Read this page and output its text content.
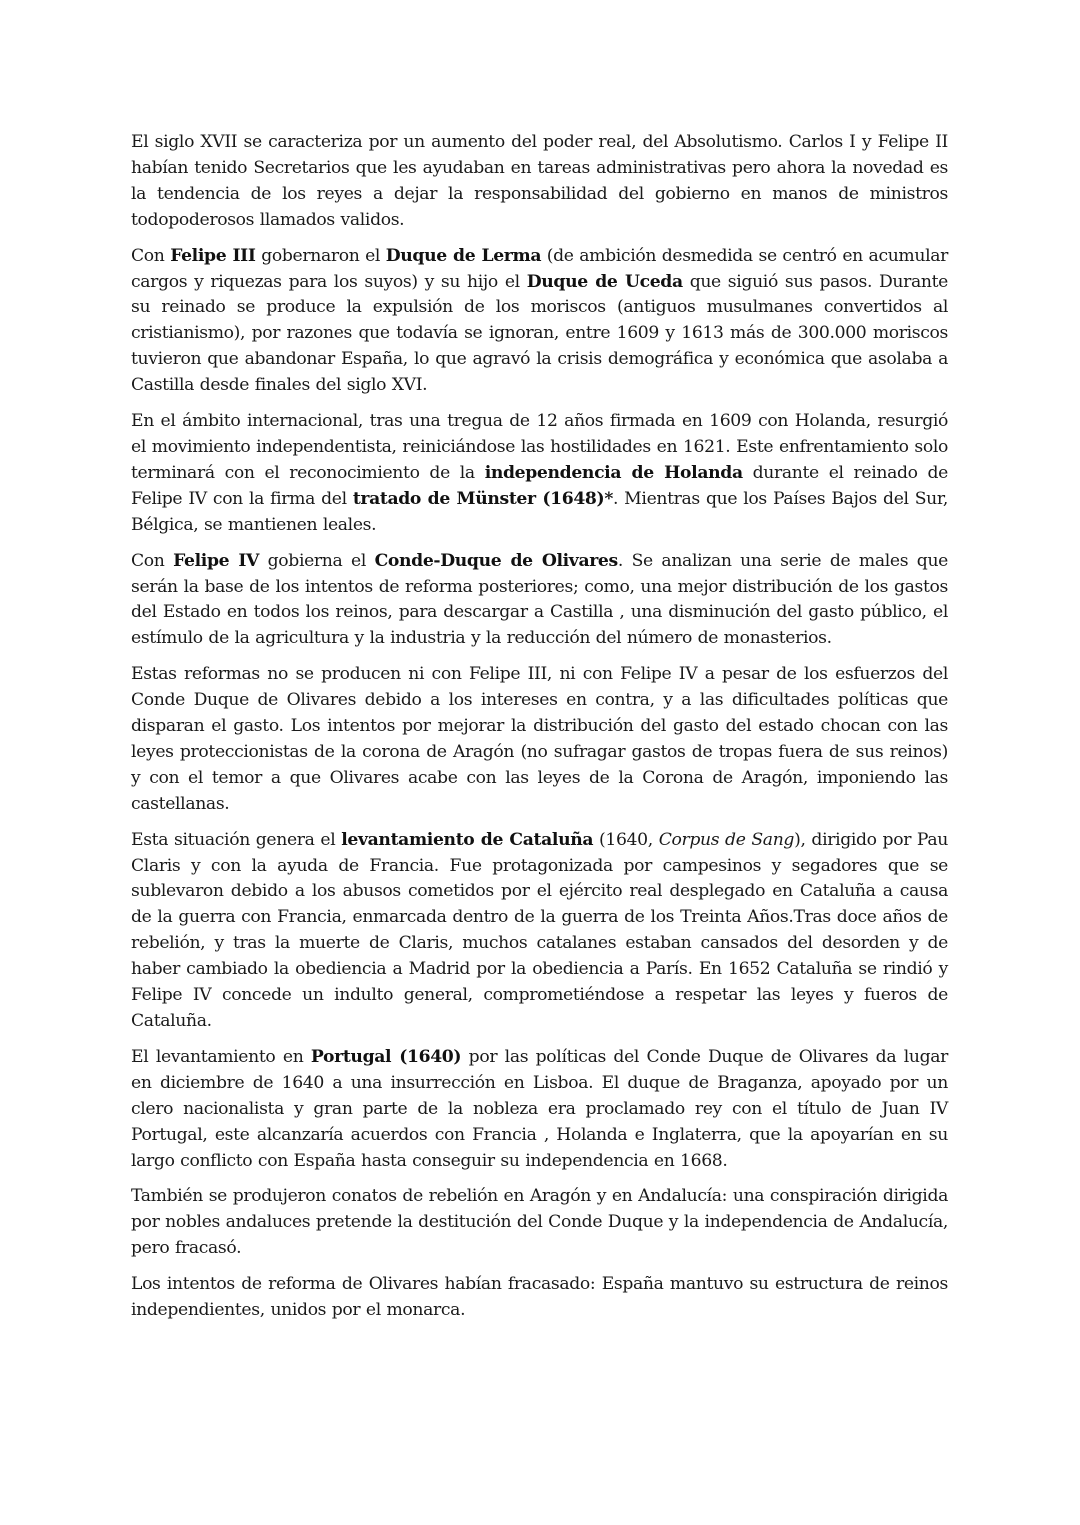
El siglo XVII se caracteriza por un aumento del poder real, del Absolutismo. Carlos I y Felipe II habían tenido Secretarios que les ayudaban en tareas administrativas pero ahora la novedad es la tendencia de los reyes a dejar la responsabilidad del gobierno en manos de ministros todopoderosos llamados validos.

Con Felipe III gobernaron el Duque de Lerma (de ambición desmedida se centró en acumular cargos y riquezas para los suyos) y su hijo el Duque de Uceda que siguió sus pasos. Durante su reinado se produce la expulsión de los moriscos (antiguos musulmanes convertidos al cristianismo), por razones que todavía se ignoran, entre 1609 y 1613 más de 300.000 moriscos tuvieron que abandonar España, lo que agravó la crisis demográfica y económica que asolaba a Castilla desde finales del siglo XVI.

En el ámbito internacional, tras una tregua de 12 años firmada en 1609 con Holanda, resurgió el movimiento independentista, reiniciándose las hostilidades en 1621. Este enfrentamiento solo terminará con el reconocimiento de la independencia de Holanda durante el reinado de Felipe IV con la firma del tratado de Münster (1648)*. Mientras que los Países Bajos del Sur, Bélgica, se mantienen leales.

Con Felipe IV gobierna el Conde-Duque de Olivares. Se analizan una serie de males que serán la base de los intentos de reforma posteriores; como, una mejor distribución de los gastos del Estado en todos los reinos, para descargar a Castilla , una disminución del gasto público, el estímulo de la agricultura y la industria y la reducción del número de monasterios.

Estas reformas no se producen ni con Felipe III, ni con Felipe IV a pesar de los esfuerzos del Conde Duque de Olivares debido a los intereses en contra, y a las dificultades políticas que disparan el gasto. Los intentos por mejorar la distribución del gasto del estado chocan con las leyes proteccionistas de la corona de Aragón (no sufragar gastos de tropas fuera de sus reinos) y con el temor a que Olivares acabe con las leyes de la Corona de Aragón, imponiendo las castellanas.

Esta situación genera el levantamiento de Cataluña (1640, Corpus de Sang), dirigido por Pau Claris y con la ayuda de Francia. Fue protagonizada por campesinos y segadores que se sublevaron debido a los abusos cometidos por el ejército real desplegado en Cataluña a causa de la guerra con Francia, enmarcada dentro de la guerra de los Treinta Años.Tras doce años de rebelión, y tras la muerte de Claris, muchos catalanes estaban cansados del desorden y de haber cambiado la obediencia a Madrid por la obediencia a París. En 1652 Cataluña se rindió y Felipe IV concede un indulto general, comprometiéndose a respetar las leyes y fueros de Cataluña.

El levantamiento en Portugal (1640) por las políticas del Conde Duque de Olivares da lugar en diciembre de 1640 a una insurrección en Lisboa. El duque de Braganza, apoyado por un clero nacionalista y gran parte de la nobleza era proclamado rey con el título de Juan IV Portugal, este alcanzaría acuerdos con Francia , Holanda e Inglaterra, que la apoyarían en su largo conflicto con España hasta conseguir su independencia en 1668.

También se produjeron conatos de rebelión en Aragón y en Andalucía: una conspiración dirigida por nobles andaluces pretende la destitución del Conde Duque y la independencia de Andalucía, pero fracasó.

Los intentos de reforma de Olivares habían fracasado: España mantuvo su estructura de reinos independientes, unidos por el monarca.
